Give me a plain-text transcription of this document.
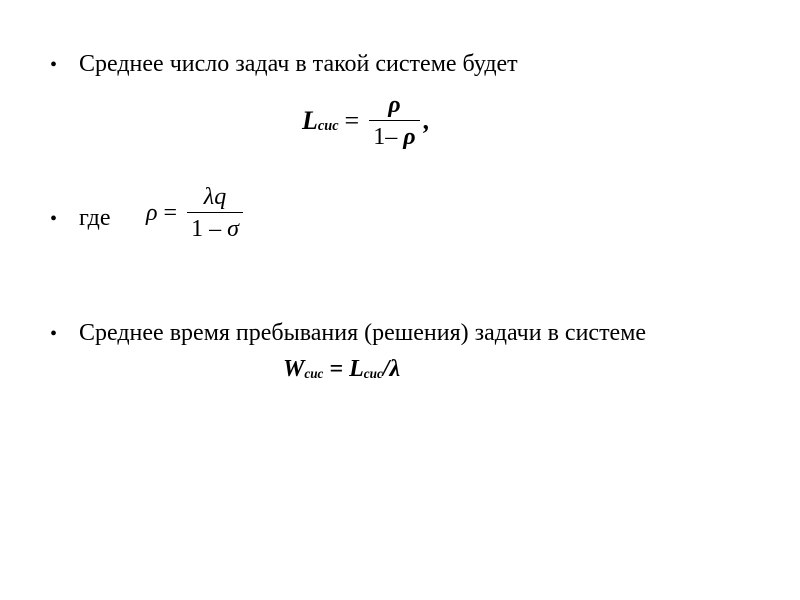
• Среднее число задач в такой системе будет
L сис = $\frac{\rho}{1- \rho}$ ,
• где $\rho = \frac{\lambda q}{1 - \sigma}$
• Среднее время пребывания (решения) задачи в системе
W сис = L сис / λ
